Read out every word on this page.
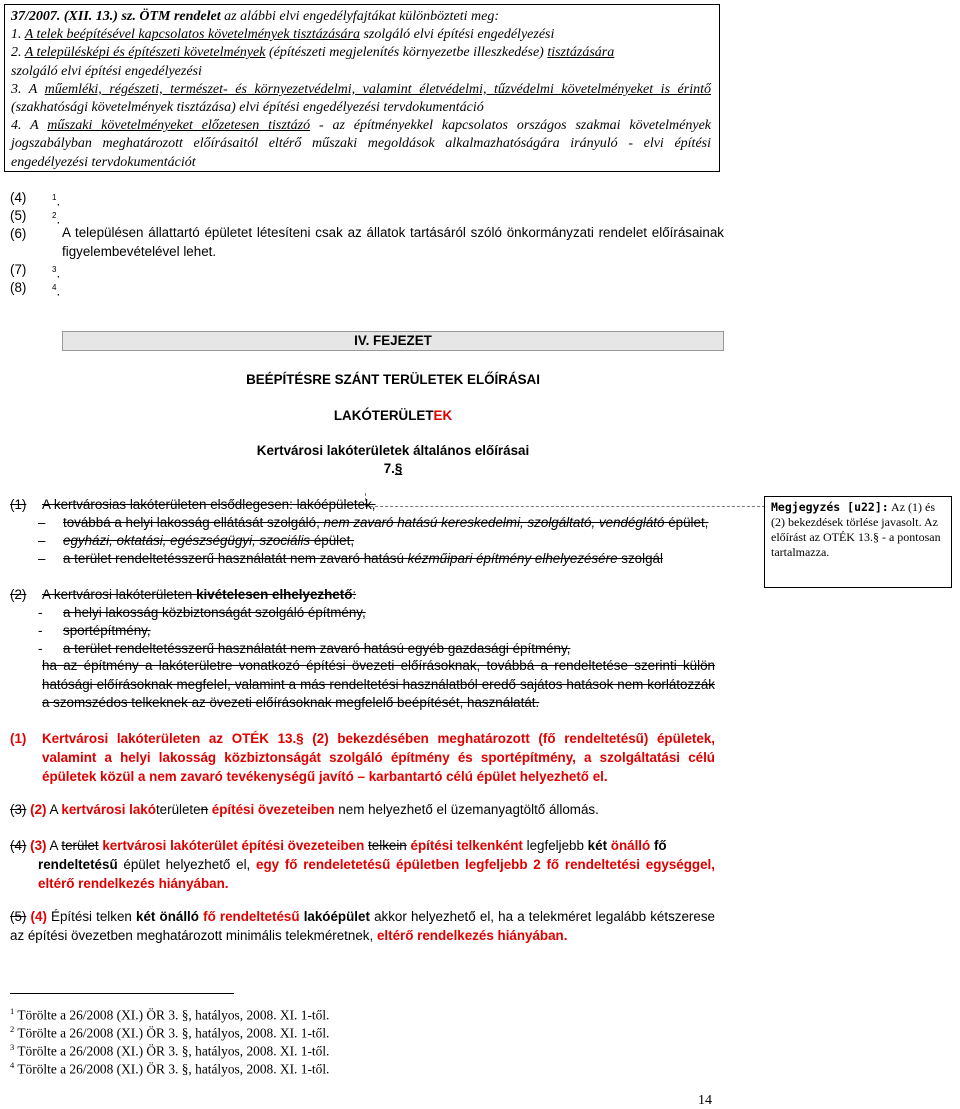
37/2007. (XII. 13.) sz. ÖTM rendelet az alábbi elvi engedélyfajtákat különbözteti meg:

1. A telek beépítésével kapcsolatos követelmények tisztázására szolgáló elvi építési engedélyezési

2. A településképi és építészeti követelmények (építészeti megjelenítés környezetbe illeszkedése) tisztázására
szolgáló elvi építési engedélyezési

3. A műemléki, régészeti, természet- és környezetvédelmi, valamint életvédelmi, tűzvédelmi követelményeket is érintő (szakhatósági követelmények tisztázása) elvi építési engedélyezési tervdokumentáció

4. A műszaki követelményeket előzetesen tisztázó - az építményekkel kapcsolatos országos szakmai követelmények jogszabályban meghatározott előírásaitól eltérő műszaki megoldások alkalmazhatóságára irányuló - elvi építési engedélyezési tervdokumentációt

(4)	$^1$.
(5)	$^2$.
(6)	A településen állattartó épületet létesíteni csak az állatok tartásáról szóló önkormányzati rendelet előírásainak figyelembevételével lehet.
(7)	$^3$.
(8)	$^4$.
IV. FEJEZET
BEÉPÍTÉSRE SZÁNT TERÜLETEK ELŐÍRÁSAI
LAKÓTERÜLETEK
Kertvárosi lakóterületek általános előírásai
7.§
Megjegyzés [u22]: Az (1) és (2) bekezdések törlése javasolt. Az előírást az OTÉK 13.§ - a pontosan tartalmazza.
(1) A kertvárosias lakóterületen elsődlegesen: lakóépületek,
– továbbá a helyi lakosság ellátását szolgáló, nem zavaró hatású kereskedelmi, szolgáltató, vendéglátó épület,
– egyházi, oktatási, egészségügyi, szociális épület,
– a terület rendeltetésszerű használatát nem zavaró hatású kézműipari építmény elhelyezésére szolgál
(2) A kertvárosi lakóterületen kivételesen elhelyezhető:
- a helyi lakosság közbiztonságát szolgáló építmény,
- sportépítmény,
- a terület rendeltetésszerű használatát nem zavaró hatású egyéb gazdasági építmény,
ha az építmény a lakóterületre vonatkozó építési övezeti előírásoknak, továbbá a rendeltetése szerinti külön hatósági előírásoknak megfelel, valamint a más rendeltetési használatból eredő sajátos hatások nem korlátozzák a szomszédos telkeknek az övezeti előírásoknak megfelelő beépítését, használatát.
(1) Kertvárosi lakóterületen az OTÉK 13.§ (2) bekezdésében meghatározott (fő rendeltetésű) épületek, valamint a helyi lakosság közbiztonságát szolgáló építmény és sportépítmény, a szolgáltatási célú épületek közül a nem zavaró tevékenységű javító – karbantartó célú épület helyezhető el.
(3) (2) A kertvárosi lakóterületen építési övezeteiben nem helyezhető el üzemanyagtöltő állomás.
(4) (3) A terület kertvárosi lakóterület építési övezeteiben telkein építési telkenként legfeljebb két önálló fő
rendeltetésű épület helyezhető el, egy fő rendeletetésű épületben legfeljebb 2 fő rendeltetési egységgel, eltérő rendelkezés hiányában.
(5) (4) Építési telken két önálló fő rendeltetésű lakóépület akkor helyezhető el, ha a telekméret legalább kétszerese az építési övezetben meghatározott minimális telekméretnek, eltérő rendelkezés hiányában.
$^1$ Törölte a 26/2008 (XI.) ÖR 3. §, hatályos, 2008. XI. 1-től.
$^2$ Törölte a 26/2008 (XI.) ÖR 3. §, hatályos, 2008. XI. 1-től.
$^3$ Törölte a 26/2008 (XI.) ÖR 3. §, hatályos, 2008. XI. 1-től.
$^4$ Törölte a 26/2008 (XI.) ÖR 3. §, hatályos, 2008. XI. 1-től.
14
